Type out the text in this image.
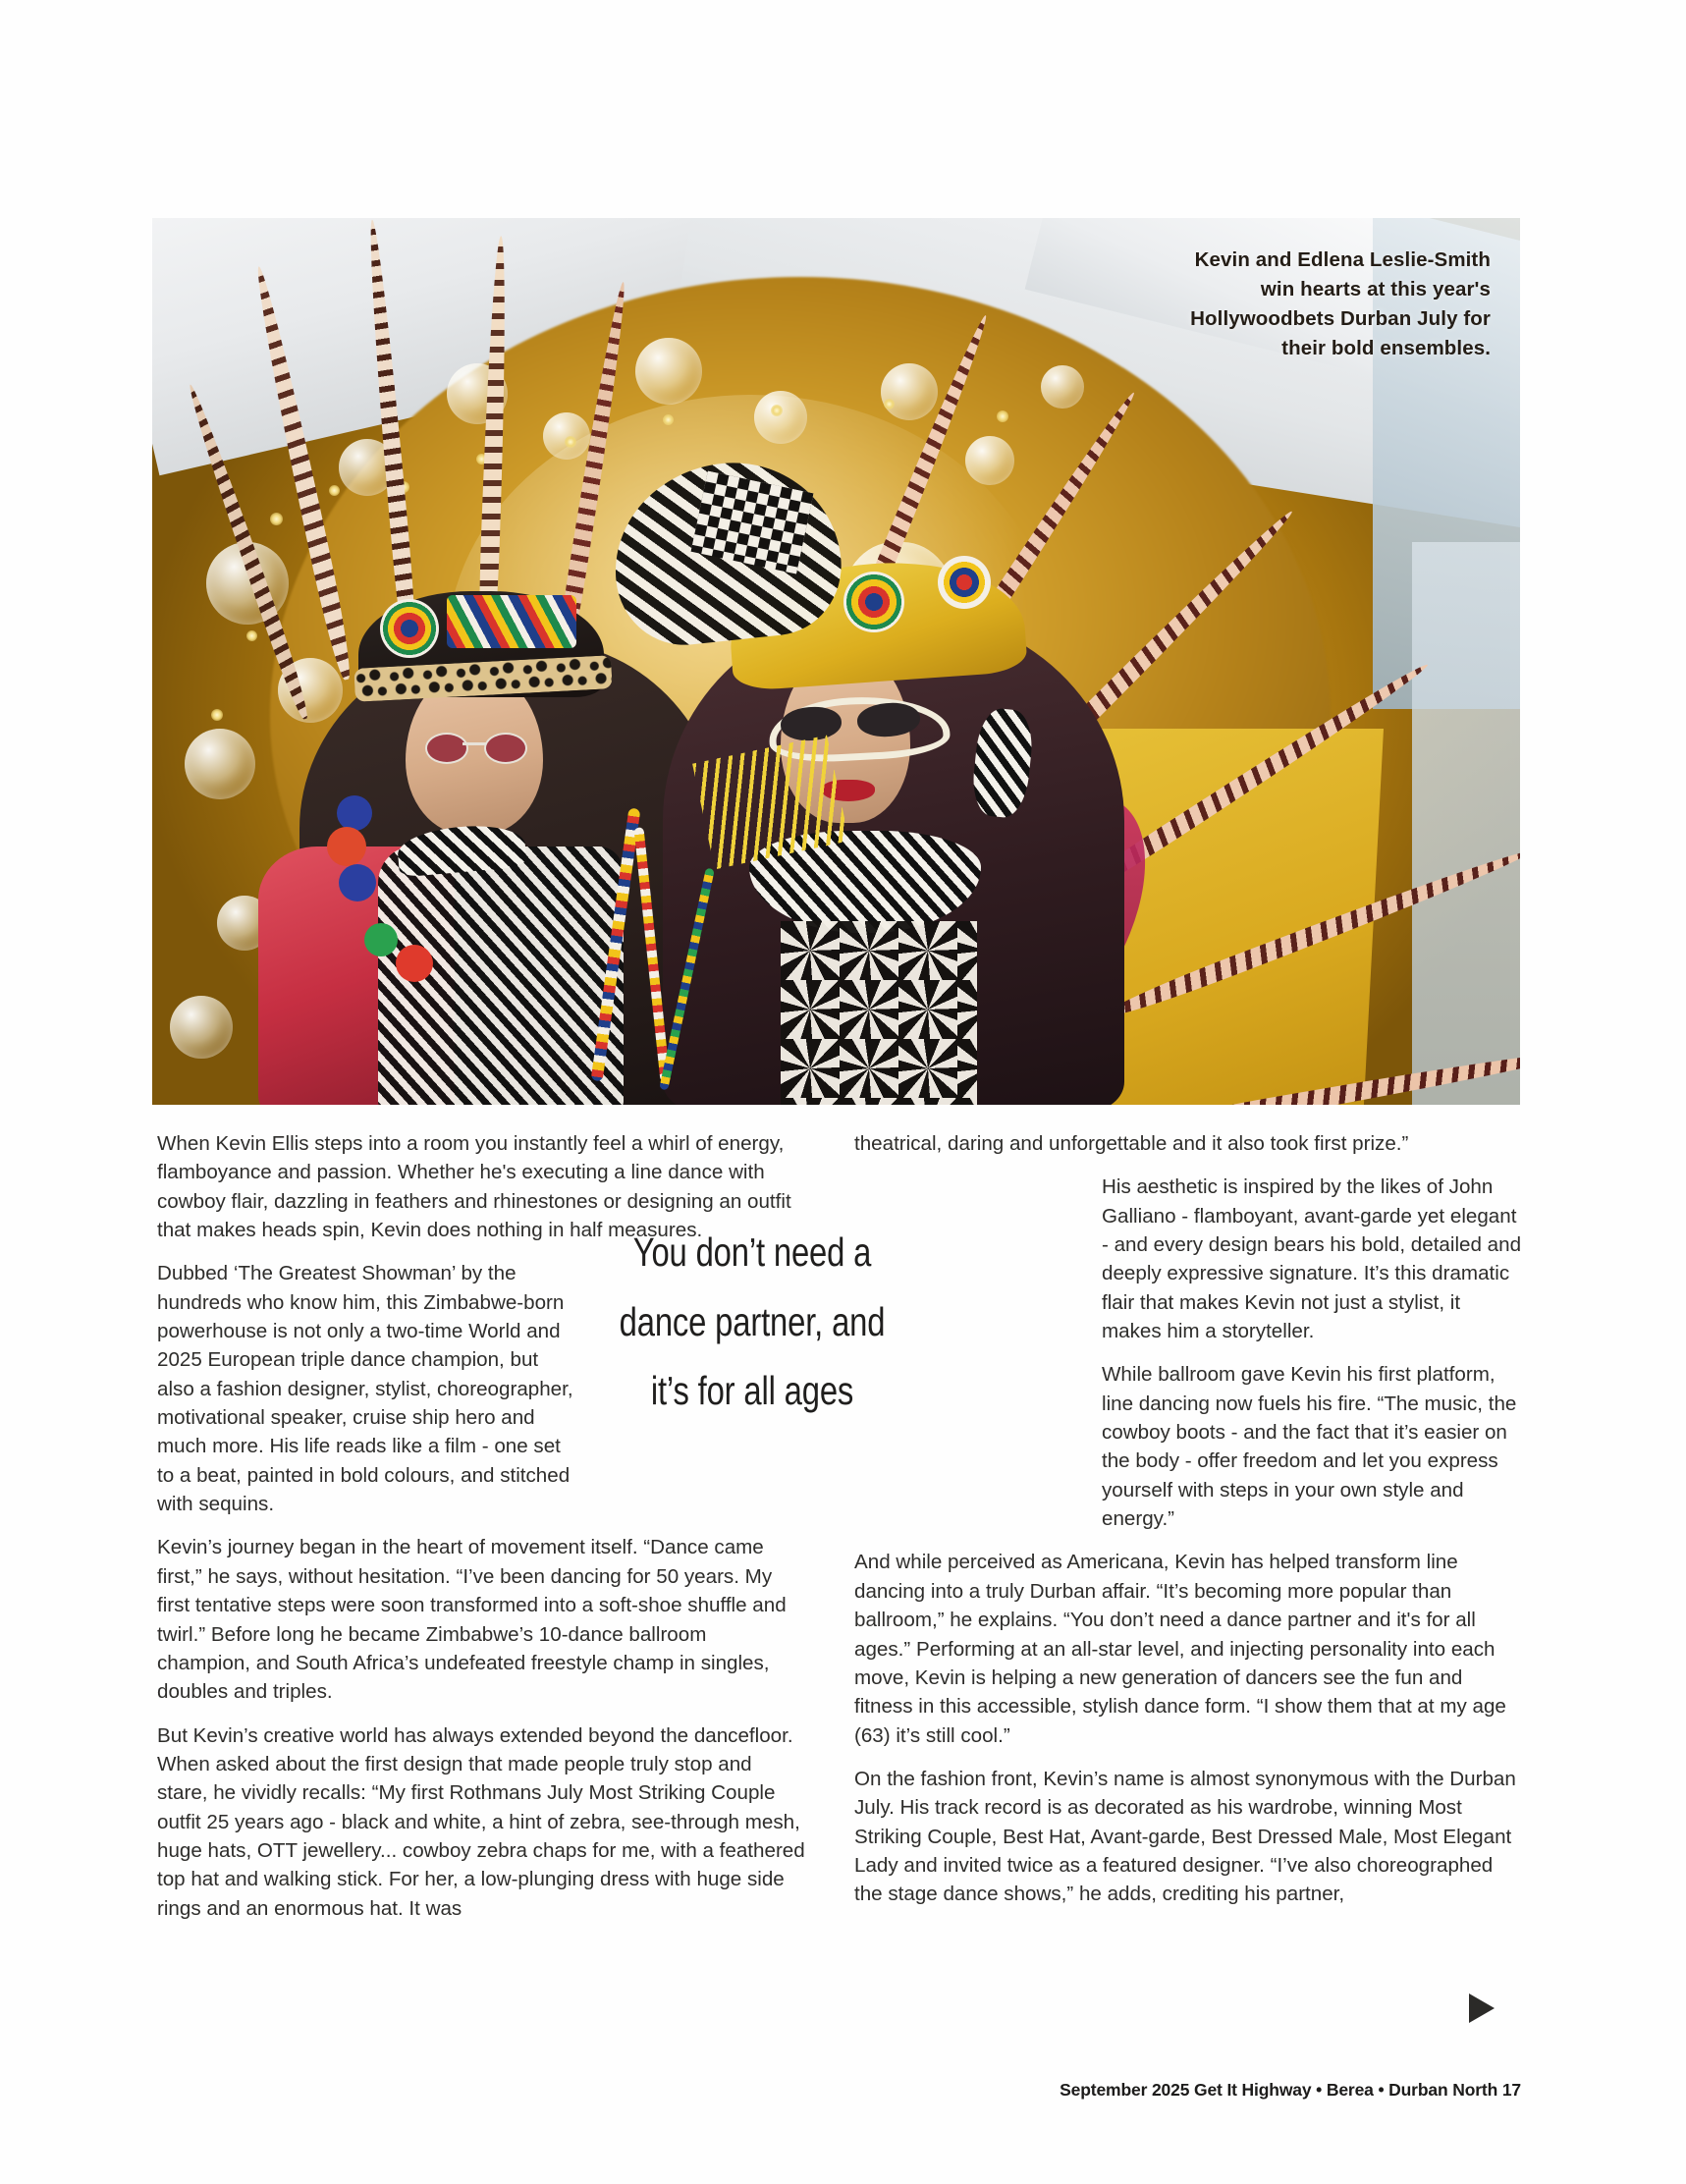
Kevin and Edlena Leslie-Smith
win hearts at this year's
Hollywoodbets Durban July for
their bold ensembles.

When Kevin Ellis steps into a room you instantly feel a whirl of energy, flamboyance and passion. Whether he's executing a line dance with cowboy flair, dazzling in feathers and rhinestones or designing an outfit that makes heads spin, Kevin does nothing in half measures.

Dubbed ‘The Greatest Showman’ by the hundreds who know him, this Zimbabwe-born powerhouse is not only a two-time World and 2025 European triple dance champion, but also a fashion designer, stylist, choreographer, motivational speaker, cruise ship hero and much more. His life reads like a film - one set to a beat, painted in bold colours, and stitched with sequins.

Kevin’s journey began in the heart of movement itself. “Dance came first,” he says, without hesitation. “I’ve been dancing for 50 years. My first tentative steps were soon transformed into a soft-shoe shuffle and twirl.” Before long he became Zimbabwe’s 10-dance ballroom champion, and South Africa’s undefeated freestyle champ in singles, doubles and triples.

But Kevin’s creative world has always extended beyond the dancefloor. When asked about the first design that made people truly stop and stare, he vividly recalls: “My first Rothmans July Most Striking Couple outfit 25 years ago - black and white, a hint of zebra, see-through mesh, huge hats, OTT jewellery... cowboy zebra chaps for me, with a feathered top hat and walking stick. For her, a low-plunging dress with huge side rings and an enormous hat. It was

theatrical, daring and unforgettable and it also took first prize.”

His aesthetic is inspired by the likes of John Galliano - flamboyant, avant-garde yet elegant - and every design bears his bold, detailed and deeply expressive signature. It’s this dramatic flair that makes Kevin not just a stylist, it makes him a storyteller.

While ballroom gave Kevin his first platform, line dancing now fuels his fire. “The music, the cowboy boots - and the fact that it’s easier on the body - offer freedom and let you express yourself with steps in your own style and energy.”

And while perceived as Americana, Kevin has helped transform line dancing into a truly Durban affair. “It’s becoming more popular than ballroom,” he explains. “You don’t need a dance partner and it's for all ages.” Performing at an all-star level, and injecting personality into each move, Kevin is helping a new generation of dancers see the fun and fitness in this accessible, stylish dance form. “I show them that at my age (63) it’s still cool.”

On the fashion front, Kevin’s name is almost synonymous with the Durban July. His track record is as decorated as his wardrobe, winning Most Striking Couple, Best Hat, Avant-garde, Best Dressed Male, Most Elegant Lady and invited twice as a featured designer. “I’ve also choreographed the stage dance shows,” he adds, crediting his partner,

You don’t need a
dance partner, and
it’s for all ages
September 2025 Get It Highway • Berea • Durban North 17
